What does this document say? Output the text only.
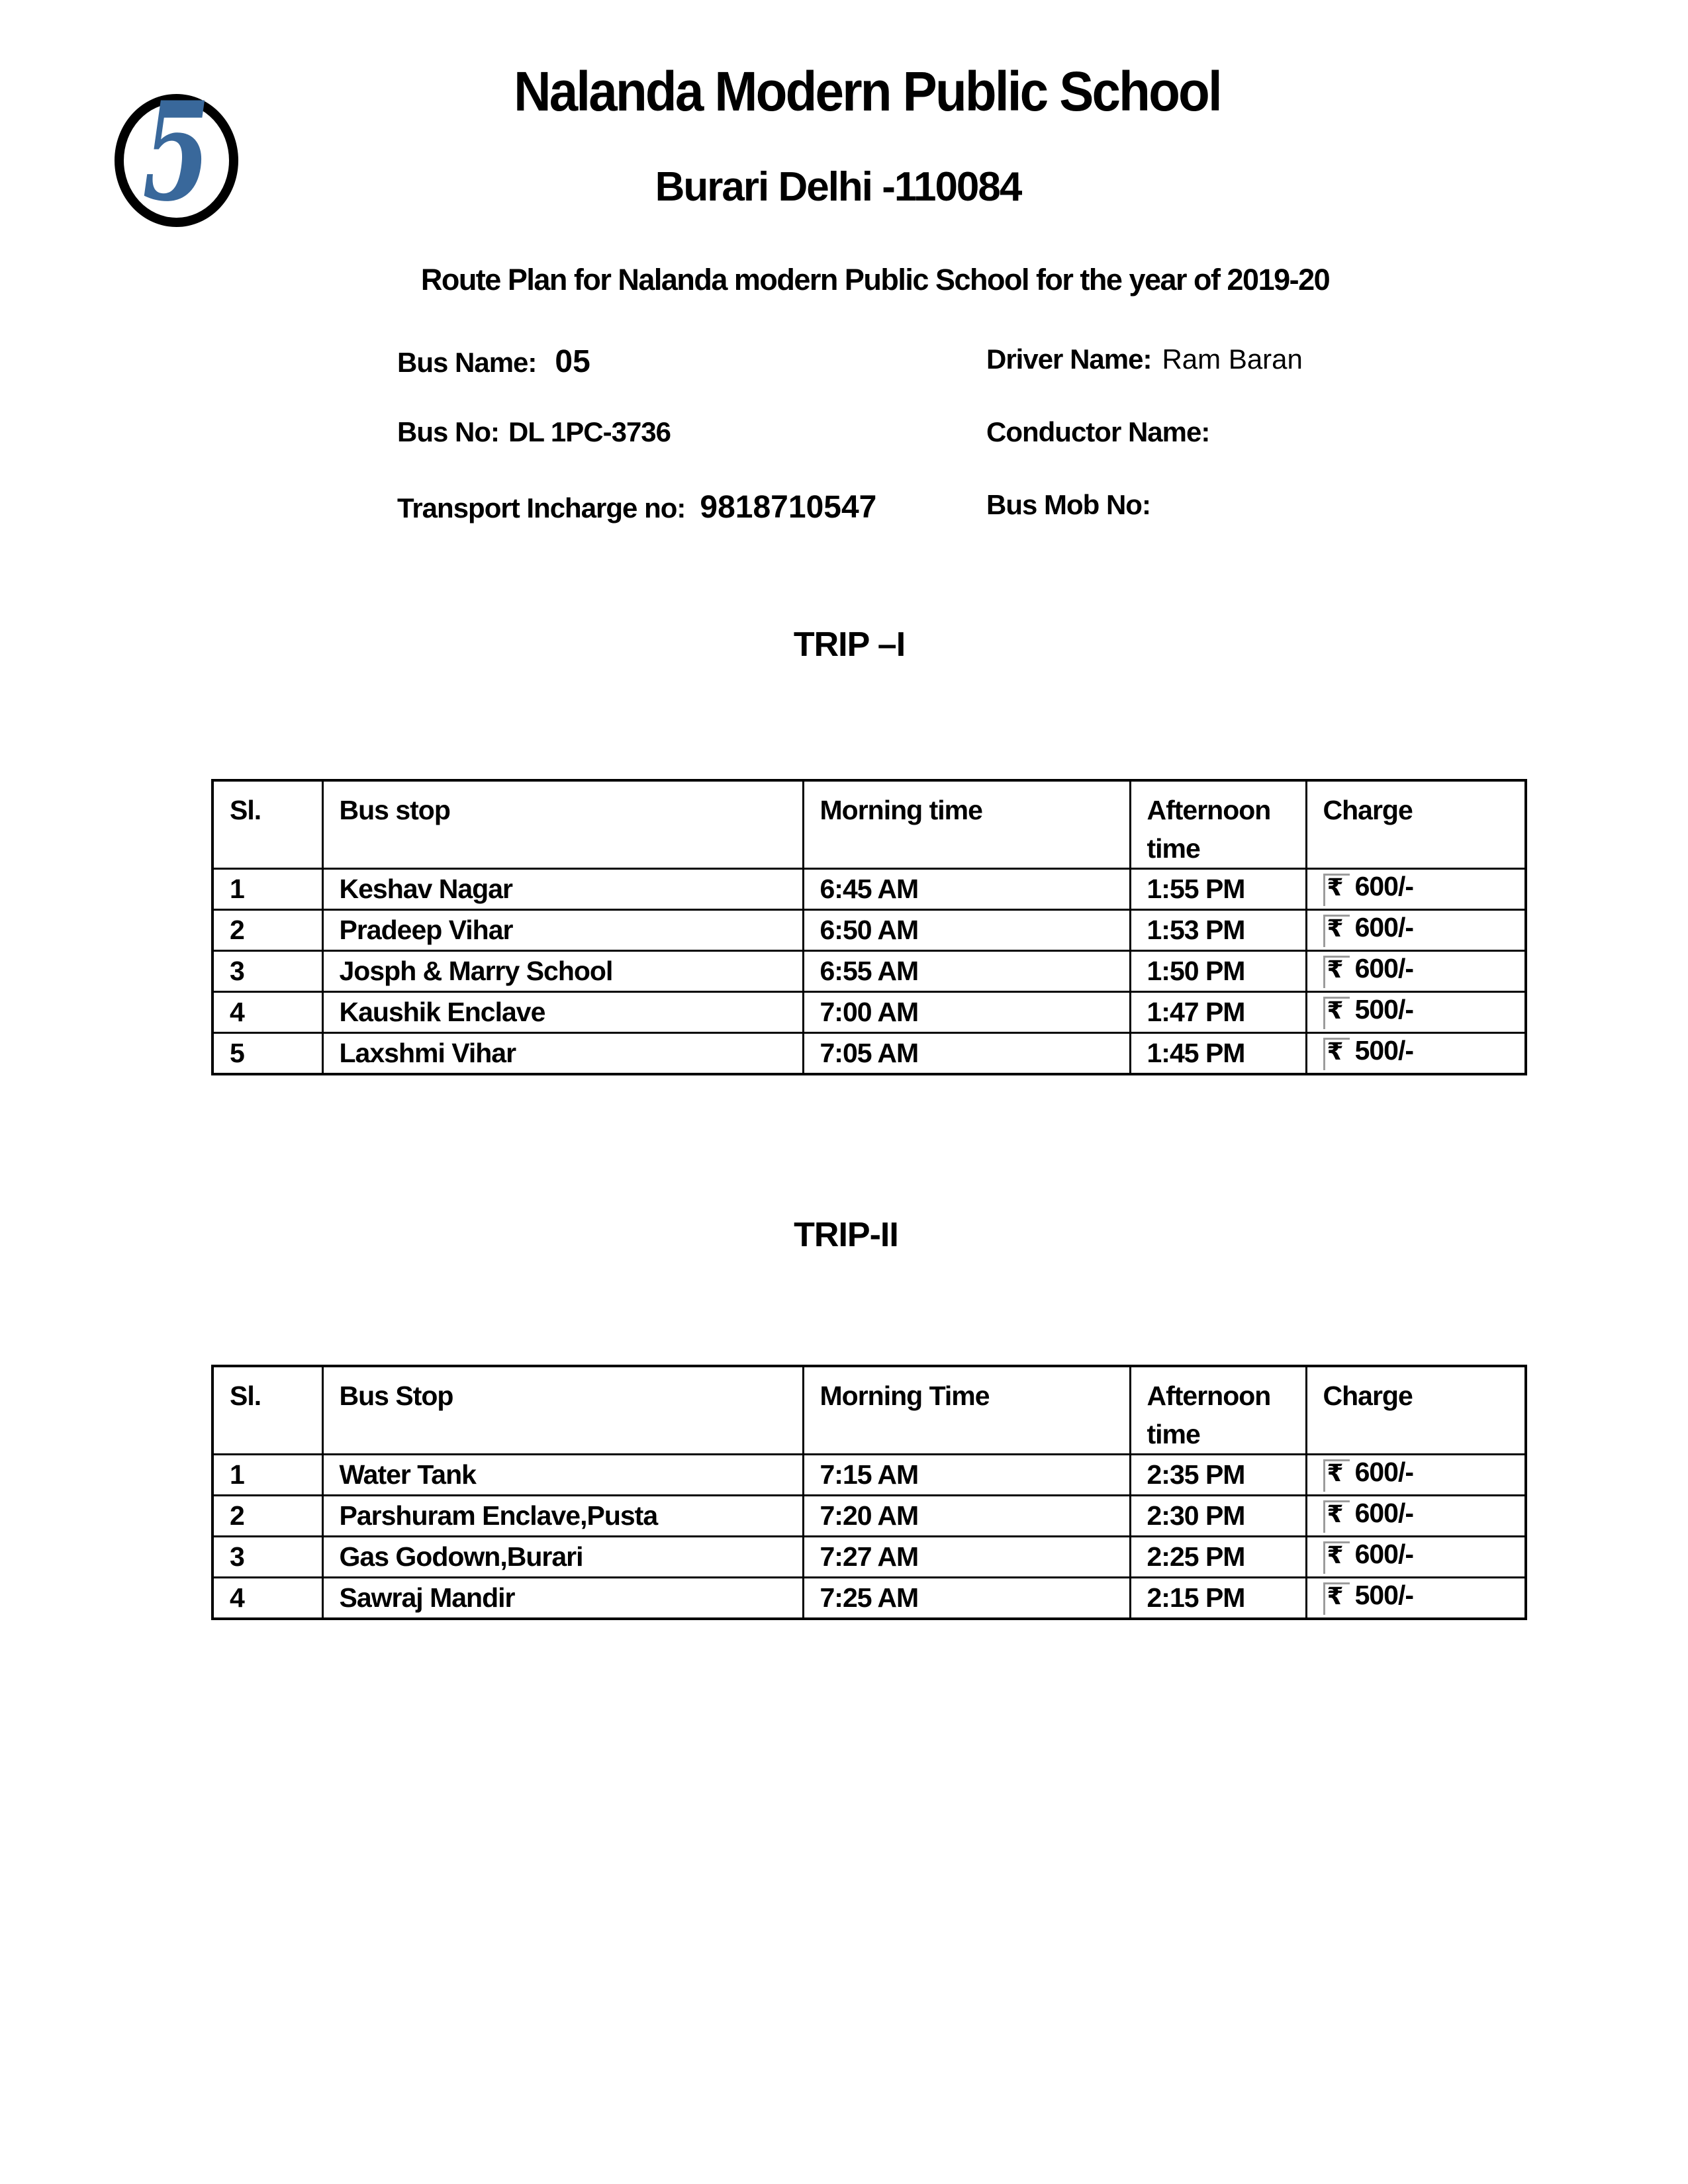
5	Nalanda Modern Public School
Burari Delhi -110084
Route Plan for Nalanda modern Public School for the year of 2019-20
Bus Name: 05	Driver Name: Ram Baran
Bus No: DL 1PC-3736	Conductor Name:
Transport Incharge no: 9818710547	Bus Mob No:
TRIP –I
Sl.	Bus stop	Morning time	Afternoon time	Charge
1	Keshav Nagar	6:45 AM	1:55 PM	₹ 600/-
2	Pradeep Vihar	6:50 AM	1:53 PM	₹ 600/-
3	Josph & Marry School	6:55 AM	1:50 PM	₹ 600/-
4	Kaushik Enclave	7:00 AM	1:47 PM	₹ 500/-
5	Laxshmi Vihar	7:05 AM	1:45 PM	₹ 500/-
TRIP-II
Sl.	Bus Stop	Morning Time	Afternoon time	Charge
1	Water Tank	7:15 AM	2:35 PM	₹ 600/-
2	Parshuram Enclave,Pusta	7:20 AM	2:30 PM	₹ 600/-
3	Gas Godown,Burari	7:27 AM	2:25 PM	₹ 600/-
4	Sawraj Mandir	7:25 AM	2:15 PM	₹ 500/-
